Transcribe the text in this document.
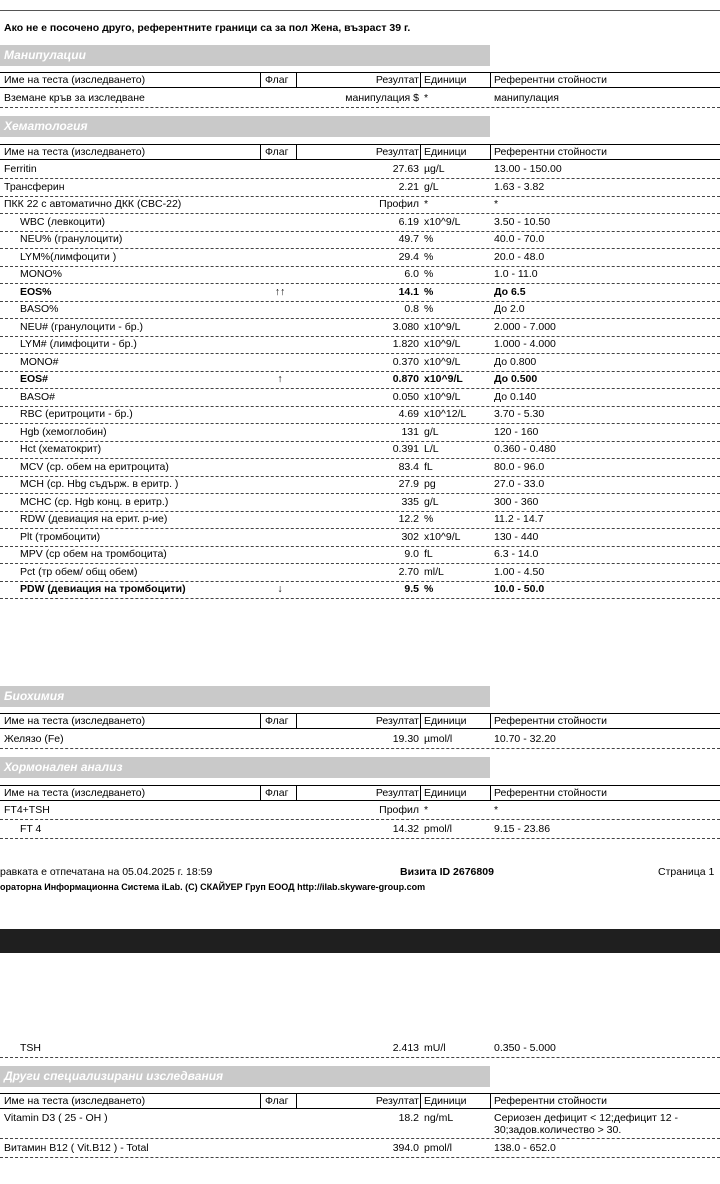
Ако не е посочено друго, референтните граници са за пол Жена, възраст 39 г.
Манипулации
Име на теста (изследването)	Флаг	Резултат Единици	Референтни стойности
Вземане кръв за изследване	манипулация $ *	манипулация
Хематология
Име на теста (изследването)	Флаг	Резултат Единици	Референтни стойности
Ferritin	27.63 µg/L	13.00 - 150.00
Трансферин	2.21 g/L	1.63 - 3.82
ПКК 22 с автоматично ДКК (CBC-22)	Профил *	*
WBC (левкоцити)	6.19 x10^9/L	3.50 - 10.50
NEU% (гранулоцити)	49.7 %	40.0 - 70.0
LYM%(лимфоцити )	29.4 %	20.0 - 48.0
MONO%	6.0 %	1.0 - 11.0
EOS%	↑↑	14.1 %	До 6.5
BASO%	0.8 %	До 2.0
NEU# (гранулоцити - бр.)	3.080 x10^9/L	2.000 - 7.000
LYM# (лимфоцити - бр.)	1.820 x10^9/L	1.000 - 4.000
MONO#	0.370 x10^9/L	До 0.800
EOS#	↑	0.870 x10^9/L	До 0.500
BASO#	0.050 x10^9/L	До 0.140
RBC (еритроцити - бр.)	4.69 x10^12/L	3.70 - 5.30
Hgb (хемоглобин)	131 g/L	120 - 160
Hct (хематокрит)	0.391 L/L	0.360 - 0.480
MCV (ср. обем на еритроцита)	83.4 fL	80.0 - 96.0
MCH (ср. Hbg съдърж. в еритр. )	27.9 pg	27.0 - 33.0
MCHC (ср. Hgb конц. в еритр.)	335 g/L	300 - 360
RDW (девиация на ерит. р-ие)	12.2 %	11.2 - 14.7
Plt (тромбоцити)	302 x10^9/L	130 - 440
MPV (ср обем на тромбоцита)	9.0 fL	6.3 - 14.0
Pct (тр обем/ общ обем)	2.70 ml/L	1.00 - 4.50
PDW (девиация на тромбоцити)	↓	9.5 %	10.0 - 50.0
Биохимия
Име на теста (изследването)	Флаг	Резултат Единици	Референтни стойности
Желязо (Fe)	19.30 µmol/l	10.70 - 32.20
Хормонален анализ
Име на теста (изследването)	Флаг	Резултат Единици	Референтни стойности
FT4+TSH	Профил *	*
FT 4	14.32 pmol/l	9.15 - 23.86
равката е отпечатана на 05.04.2025 г. 18:59	Визита ID 2676809	Страница 1
ораторна Информационна Система iLab. (C) СКАЙУЕР Груп ЕООД http://ilab.skyware-group.com
TSH	2.413 mU/l	0.350 - 5.000
Други специализирани изследвания
Име на теста (изследването)	Флаг	Резултат Единици	Референтни стойности
Vitamin D3 ( 25 - OH )	18.2 ng/mL	Сериозен дефицит < 12;дефицит 12 -
30;задов.количество > 30.
Витамин B12 ( Vit.B12 ) - Total	394.0 pmol/l	138.0 - 652.0
